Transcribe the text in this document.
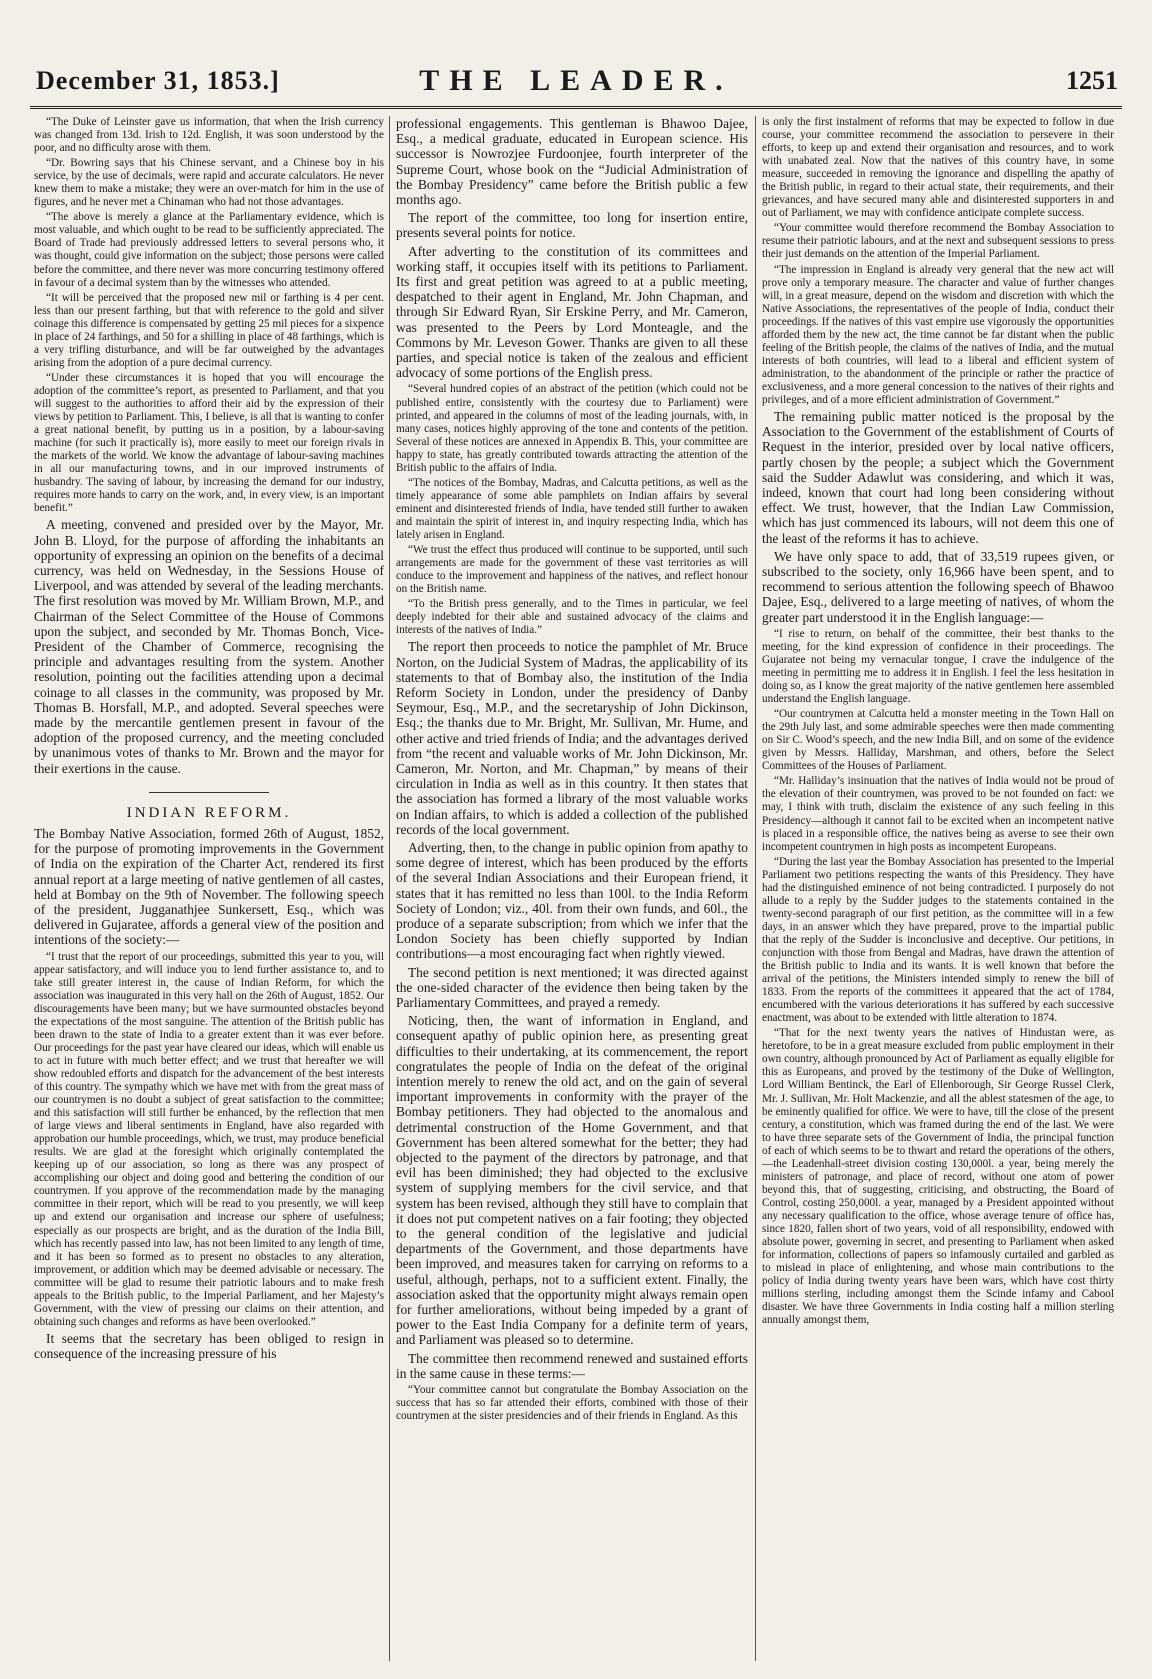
December 31, 1853.]	THE LEADER.	1251

“The Duke of Leinster gave us information, that when the Irish currency was changed from 13d. Irish to 12d. English, it was soon understood by the poor, and no difficulty arose with them.

“Dr. Bowring says that his Chinese servant, and a Chinese boy in his service, by the use of decimals, were rapid and accurate calculators. He never knew them to make a mistake; they were an over-match for him in the use of figures, and he never met a Chinaman who had not those advantages.

“The above is merely a glance at the Parliamentary evidence, which is most valuable, and which ought to be read to be sufficiently appreciated. The Board of Trade had previously addressed letters to several persons who, it was thought, could give information on the subject; those persons were called before the committee, and there never was more concurring testimony offered in favour of a decimal system than by the witnesses who attended.

“It will be perceived that the proposed new mil or farthing is 4 per cent. less than our present farthing, but that with reference to the gold and silver coinage this difference is compensated by getting 25 mil pieces for a sixpence in place of 24 farthings, and 50 for a shilling in place of 48 farthings, which is a very trifling disturbance, and will be far outweighed by the advantages arising from the adoption of a pure decimal currency.

“Under these circumstances it is hoped that you will encourage the adoption of the committee’s report, as presented to Parliament, and that you will suggest to the authorities to afford their aid by the expression of their views by petition to Parliament. This, I believe, is all that is wanting to confer a great national benefit, by putting us in a position, by a labour-saving machine (for such it practically is), more easily to meet our foreign rivals in the markets of the world. We know the advantage of labour-saving machines in all our manufacturing towns, and in our improved instruments of husbandry. The saving of labour, by increasing the demand for our industry, requires more hands to carry on the work, and, in every view, is an important benefit.”

A meeting, convened and presided over by the Mayor, Mr. John B. Lloyd, for the purpose of affording the inhabitants an opportunity of expressing an opinion on the benefits of a decimal currency, was held on Wednesday, in the Sessions House of Liverpool, and was attended by several of the leading merchants. The first resolution was moved by Mr. William Brown, M.P., and Chairman of the Select Committee of the House of Commons upon the subject, and seconded by Mr. Thomas Bonch, Vice-President of the Chamber of Commerce, recognising the principle and advantages resulting from the system. Another resolution, pointing out the facilities attending upon a decimal coinage to all classes in the community, was proposed by Mr. Thomas B. Horsfall, M.P., and adopted. Several speeches were made by the mercantile gentlemen present in favour of the adoption of the proposed currency, and the meeting concluded by unanimous votes of thanks to Mr. Brown and the mayor for their exertions in the cause.

INDIAN REFORM.

The Bombay Native Association, formed 26th of August, 1852, for the purpose of promoting improvements in the Government of India on the expiration of the Charter Act, rendered its first annual report at a large meeting of native gentlemen of all castes, held at Bombay on the 9th of November. The following speech of the president, Jugganathjee Sunkersett, Esq., which was delivered in Gujaratee, affords a general view of the position and intentions of the society:—

“I trust that the report of our proceedings, submitted this year to you, will appear satisfactory, and will induce you to lend further assistance to, and to take still greater interest in, the cause of Indian Reform, for which the association was inaugurated in this very hall on the 26th of August, 1852. Our discouragements have been many; but we have surmounted obstacles beyond the expectations of the most sanguine. The attention of the British public has been drawn to the state of India to a greater extent than it was ever before. Our proceedings for the past year have cleared our ideas, which will enable us to act in future with much better effect; and we trust that hereafter we will show redoubled efforts and dispatch for the advancement of the best interests of this country. The sympathy which we have met with from the great mass of our countrymen is no doubt a subject of great satisfaction to the committee; and this satisfaction will still further be enhanced, by the reflection that men of large views and liberal sentiments in England, have also regarded with approbation our humble proceedings, which, we trust, may produce beneficial results. We are glad at the foresight which originally contemplated the keeping up of our association, so long as there was any prospect of accomplishing our object and doing good and bettering the condition of our countrymen. If you approve of the recommendation made by the managing committee in their report, which will be read to you presently, we will keep up and extend our organisation and increase our sphere of usefulness; especially as our prospects are bright, and as the duration of the India Bill, which has recently passed into law, has not been limited to any length of time, and it has been so formed as to present no obstacles to any alteration, improvement, or addition which may be deemed advisable or necessary. The committee will be glad to resume their patriotic labours and to make fresh appeals to the British public, to the Imperial Parliament, and her Majesty’s Government, with the view of pressing our claims on their attention, and obtaining such changes and reforms as have been overlooked.”

It seems that the secretary has been obliged to resign in consequence of the increasing pressure of his

professional engagements. This gentleman is Bhawoo Dajee, Esq., a medical graduate, educated in European science. His successor is Nowrozjee Furdoonjee, fourth interpreter of the Supreme Court, whose book on the “Judicial Administration of the Bombay Presidency” came before the British public a few months ago.

The report of the committee, too long for insertion entire, presents several points for notice.

After adverting to the constitution of its committees and working staff, it occupies itself with its petitions to Parliament. Its first and great petition was agreed to at a public meeting, despatched to their agent in England, Mr. John Chapman, and through Sir Edward Ryan, Sir Erskine Perry, and Mr. Cameron, was presented to the Peers by Lord Monteagle, and the Commons by Mr. Leveson Gower. Thanks are given to all these parties, and special notice is taken of the zealous and efficient advocacy of some portions of the English press.

“Several hundred copies of an abstract of the petition (which could not be published entire, consistently with the courtesy due to Parliament) were printed, and appeared in the columns of most of the leading journals, with, in many cases, notices highly approving of the tone and contents of the petition. Several of these notices are annexed in Appendix B. This, your committee are happy to state, has greatly contributed towards attracting the attention of the British public to the affairs of India.

“The notices of the Bombay, Madras, and Calcutta petitions, as well as the timely appearance of some able pamphlets on Indian affairs by several eminent and disinterested friends of India, have tended still further to awaken and maintain the spirit of interest in, and inquiry respecting India, which has lately arisen in England.

“We trust the effect thus produced will continue to be supported, until such arrangements are made for the government of these vast territories as will conduce to the improvement and happiness of the natives, and reflect honour on the British name.

“To the British press generally, and to the Times in particular, we feel deeply indebted for their able and sustained advocacy of the claims and interests of the natives of India.”

The report then proceeds to notice the pamphlet of Mr. Bruce Norton, on the Judicial System of Madras, the applicability of its statements to that of Bombay also, the institution of the India Reform Society in London, under the presidency of Danby Seymour, Esq., M.P., and the secretaryship of John Dickinson, Esq.; the thanks due to Mr. Bright, Mr. Sullivan, Mr. Hume, and other active and tried friends of India; and the advantages derived from “the recent and valuable works of Mr. John Dickinson, Mr. Cameron, Mr. Norton, and Mr. Chapman,” by means of their circulation in India as well as in this country. It then states that the association has formed a library of the most valuable works on Indian affairs, to which is added a collection of the published records of the local government.

Adverting, then, to the change in public opinion from apathy to some degree of interest, which has been produced by the efforts of the several Indian Associations and their European friend, it states that it has remitted no less than 100l. to the India Reform Society of London; viz., 40l. from their own funds, and 60l., the produce of a separate subscription; from which we infer that the London Society has been chiefly supported by Indian contributions—a most encouraging fact when rightly viewed.

The second petition is next mentioned; it was directed against the one-sided character of the evidence then being taken by the Parliamentary Committees, and prayed a remedy.

Noticing, then, the want of information in England, and consequent apathy of public opinion here, as presenting great difficulties to their undertaking, at its commencement, the report congratulates the people of India on the defeat of the original intention merely to renew the old act, and on the gain of several important improvements in conformity with the prayer of the Bombay petitioners. They had objected to the anomalous and detrimental construction of the Home Government, and that Government has been altered somewhat for the better; they had objected to the payment of the directors by patronage, and that evil has been diminished; they had objected to the exclusive system of supplying members for the civil service, and that system has been revised, although they still have to complain that it does not put competent natives on a fair footing; they objected to the general condition of the legislative and judicial departments of the Government, and those departments have been improved, and measures taken for carrying on reforms to a useful, although, perhaps, not to a sufficient extent. Finally, the association asked that the opportunity might always remain open for further ameliorations, without being impeded by a grant of power to the East India Company for a definite term of years, and Parliament was pleased so to determine.

The committee then recommend renewed and sustained efforts in the same cause in these terms:—

“Your committee cannot but congratulate the Bombay Association on the success that has so far attended their efforts, combined with those of their countrymen at the sister presidencies and of their friends in England. As this

is only the first instalment of reforms that may be expected to follow in due course, your committee recommend the association to persevere in their efforts, to keep up and extend their organisation and resources, and to work with unabated zeal. Now that the natives of this country have, in some measure, succeeded in removing the ignorance and dispelling the apathy of the British public, in regard to their actual state, their requirements, and their grievances, and have secured many able and disinterested supporters in and out of Parliament, we may with confidence anticipate complete success.

“Your committee would therefore recommend the Bombay Association to resume their patriotic labours, and at the next and subsequent sessions to press their just demands on the attention of the Imperial Parliament.

“The impression in England is already very general that the new act will prove only a temporary measure. The character and value of further changes will, in a great measure, depend on the wisdom and discretion with which the Native Associations, the representatives of the people of India, conduct their proceedings. If the natives of this vast empire use vigorously the opportunities afforded them by the new act, the time cannot be far distant when the public feeling of the British people, the claims of the natives of India, and the mutual interests of both countries, will lead to a liberal and efficient system of administration, to the abandonment of the principle or rather the practice of exclusiveness, and a more general concession to the natives of their rights and privileges, and of a more efficient administration of Government.”

The remaining public matter noticed is the proposal by the Association to the Government of the establishment of Courts of Request in the interior, presided over by local native officers, partly chosen by the people; a subject which the Government said the Sudder Adawlut was considering, and which it was, indeed, known that court had long been considering without effect. We trust, however, that the Indian Law Commission, which has just commenced its labours, will not deem this one of the least of the reforms it has to achieve.

We have only space to add, that of 33,519 rupees given, or subscribed to the society, only 16,966 have been spent, and to recommend to serious attention the following speech of Bhawoo Dajee, Esq., delivered to a large meeting of natives, of whom the greater part understood it in the English language:—

“I rise to return, on behalf of the committee, their best thanks to the meeting, for the kind expression of confidence in their proceedings. The Gujaratee not being my vernacular tongue, I crave the indulgence of the meeting in permitting me to address it in English. I feel the less hesitation in doing so, as I know the great majority of the native gentlemen here assembled understand the English language.

“Our countrymen at Calcutta held a monster meeting in the Town Hall on the 29th July last, and some admirable speeches were then made commenting on Sir C. Wood’s speech, and the new India Bill, and on some of the evidence given by Messrs. Halliday, Marshman, and others, before the Select Committees of the Houses of Parliament.

“Mr. Halliday’s insinuation that the natives of India would not be proud of the elevation of their countrymen, was proved to be not founded on fact: we may, I think with truth, disclaim the existence of any such feeling in this Presidency—although it cannot fail to be excited when an incompetent native is placed in a responsible office, the natives being as averse to see their own incompetent countrymen in high posts as incompetent Europeans.

“During the last year the Bombay Association has presented to the Imperial Parliament two petitions respecting the wants of this Presidency. They have had the distinguished eminence of not being contradicted. I purposely do not allude to a reply by the Sudder judges to the statements contained in the twenty-second paragraph of our first petition, as the committee will in a few days, in an answer which they have prepared, prove to the impartial public that the reply of the Sudder is inconclusive and deceptive. Our petitions, in conjunction with those from Bengal and Madras, have drawn the attention of the British public to India and its wants. It is well known that before the arrival of the petitions, the Ministers intended simply to renew the bill of 1833. From the reports of the committees it appeared that the act of 1784, encumbered with the various deteriorations it has suffered by each successive enactment, was about to be extended with little alteration to 1874.

“That for the next twenty years the natives of Hindustan were, as heretofore, to be in a great measure excluded from public employment in their own country, although pronounced by Act of Parliament as equally eligible for this as Europeans, and proved by the testimony of the Duke of Wellington, Lord William Bentinck, the Earl of Ellenborough, Sir George Russel Clerk, Mr. J. Sullivan, Mr. Holt Mackenzie, and all the ablest statesmen of the age, to be eminently qualified for office. We were to have, till the close of the present century, a constitution, which was framed during the end of the last. We were to have three separate sets of the Government of India, the principal function of each of which seems to be to thwart and retard the operations of the others,—the Leadenhall-street division costing 130,000l. a year, being merely the ministers of patronage, and place of record, without one atom of power beyond this, that of suggesting, criticising, and obstructing, the Board of Control, costing 250,000l. a year, managed by a President appointed without any necessary qualification to the office, whose average tenure of office has, since 1820, fallen short of two years, void of all responsibility, endowed with absolute power, governing in secret, and presenting to Parliament when asked for information, collections of papers so infamously curtailed and garbled as to mislead in place of enlightening, and whose main contributions to the policy of India during twenty years have been wars, which have cost thirty millions sterling, including amongst them the Scinde infamy and Cabool disaster. We have three Governments in India costing half a million sterling annually amongst them,
